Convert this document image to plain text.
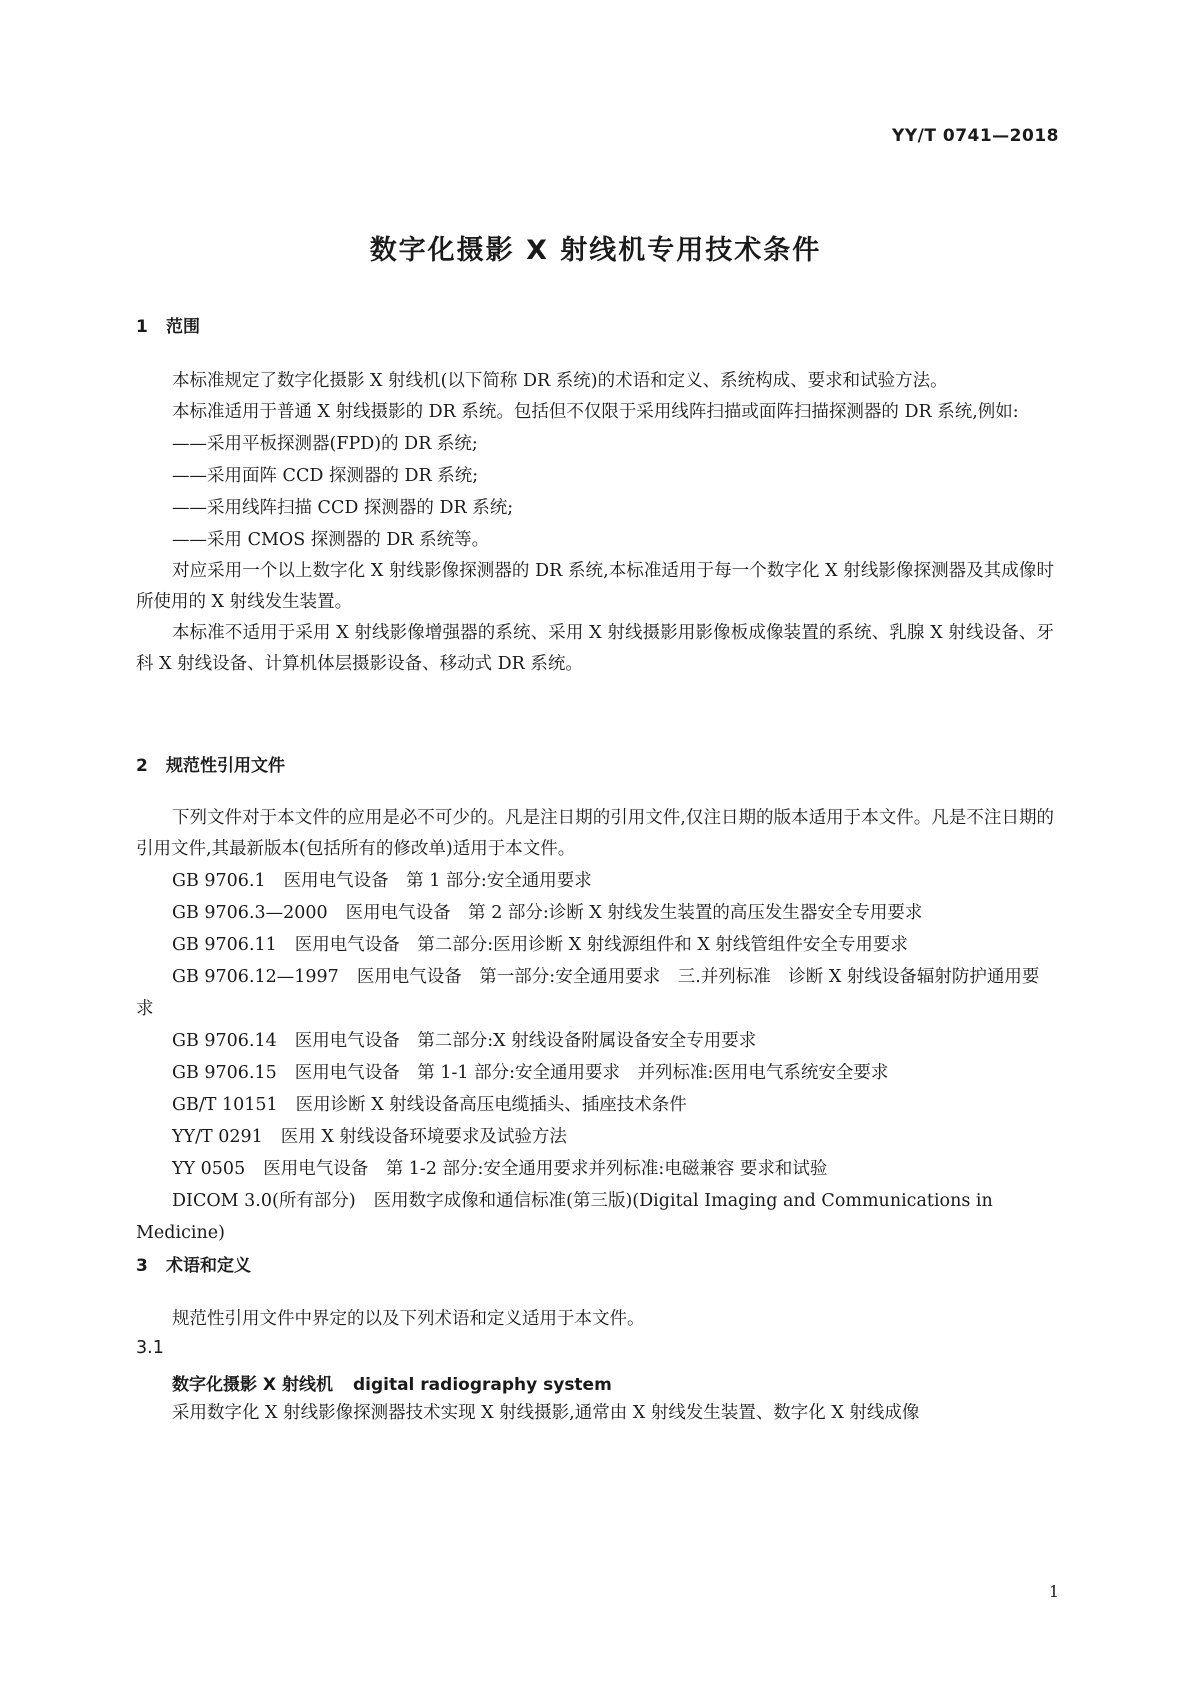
YY/T 0741—2018
数字化摄影 X 射线机专用技术条件
1 范围

本标准规定了数字化摄影 X 射线机(以下简称 DR 系统)的术语和定义、系统构成、要求和试验方法。

本标准适用于普通 X 射线摄影的 DR 系统。包括但不仅限于采用线阵扫描或面阵扫描探测器的 DR 系统,例如:

——采用平板探测器(FPD)的 DR 系统;

——采用面阵 CCD 探测器的 DR 系统;

——采用线阵扫描 CCD 探测器的 DR 系统;

——采用 CMOS 探测器的 DR 系统等。

对应采用一个以上数字化 X 射线影像探测器的 DR 系统,本标准适用于每一个数字化 X 射线影像探测器及其成像时所使用的 X 射线发生装置。

本标准不适用于采用 X 射线影像增强器的系统、采用 X 射线摄影用影像板成像装置的系统、乳腺 X 射线设备、牙科 X 射线设备、计算机体层摄影设备、移动式 DR 系统。

2 规范性引用文件

下列文件对于本文件的应用是必不可少的。凡是注日期的引用文件,仅注日期的版本适用于本文件。凡是不注日期的引用文件,其最新版本(包括所有的修改单)适用于本文件。

GB 9706.1 医用电气设备　第 1 部分:安全通用要求

GB 9706.3—2000 医用电气设备　第 2 部分:诊断 X 射线发生装置的高压发生器安全专用要求

GB 9706.11 医用电气设备　第二部分:医用诊断 X 射线源组件和 X 射线管组件安全专用要求

GB 9706.12—1997 医用电气设备　第一部分:安全通用要求　三.并列标准　诊断 X 射线设备辐射防护通用要求

GB 9706.14 医用电气设备　第二部分:X 射线设备附属设备安全专用要求

GB 9706.15 医用电气设备　第 1-1 部分:安全通用要求　并列标准:医用电气系统安全要求

GB/T 10151 医用诊断 X 射线设备高压电缆插头、插座技术条件

YY/T 0291 医用 X 射线设备环境要求及试验方法

YY 0505 医用电气设备　第 1-2 部分:安全通用要求并列标准:电磁兼容 要求和试验

DICOM 3.0(所有部分) 医用数字成像和通信标准(第三版)(Digital Imaging and Communications in Medicine)

3 术语和定义

规范性引用文件中界定的以及下列术语和定义适用于本文件。

3.1
数字化摄影 X 射线机 digital radiography system

采用数字化 X 射线影像探测器技术实现 X 射线摄影,通常由 X 射线发生装置、数字化 X 射线成像

1
